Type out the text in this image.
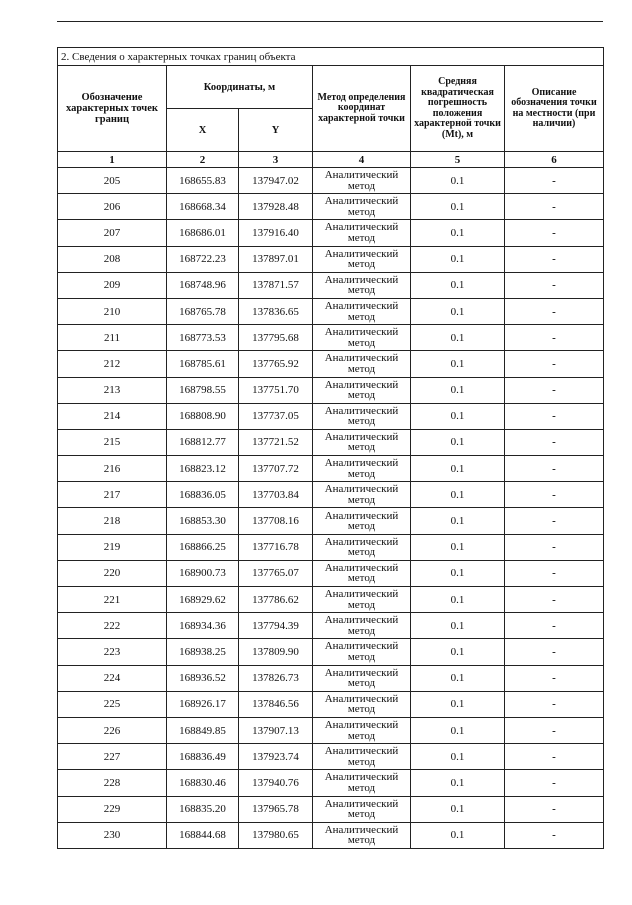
2. Сведения о характерных точках границ объекта					
Обозначение характерных точек границ	Координаты, м		Метод определения координат характерной точки	Средняя квадратическая погрешность положения характерной точки (Mt), м	Описание обозначения точки на местности (при наличии)
	X	Y			
1	2	3	4	5	6
205	168655.83	137947.02	Аналитический метод	0.1	-
206	168668.34	137928.48	Аналитический метод	0.1	-
207	168686.01	137916.40	Аналитический метод	0.1	-
208	168722.23	137897.01	Аналитический метод	0.1	-
209	168748.96	137871.57	Аналитический метод	0.1	-
210	168765.78	137836.65	Аналитический метод	0.1	-
211	168773.53	137795.68	Аналитический метод	0.1	-
212	168785.61	137765.92	Аналитический метод	0.1	-
213	168798.55	137751.70	Аналитический метод	0.1	-
214	168808.90	137737.05	Аналитический метод	0.1	-
215	168812.77	137721.52	Аналитический метод	0.1	-
216	168823.12	137707.72	Аналитический метод	0.1	-
217	168836.05	137703.84	Аналитический метод	0.1	-
218	168853.30	137708.16	Аналитический метод	0.1	-
219	168866.25	137716.78	Аналитический метод	0.1	-
220	168900.73	137765.07	Аналитический метод	0.1	-
221	168929.62	137786.62	Аналитический метод	0.1	-
222	168934.36	137794.39	Аналитический метод	0.1	-
223	168938.25	137809.90	Аналитический метод	0.1	-
224	168936.52	137826.73	Аналитический метод	0.1	-
225	168926.17	137846.56	Аналитический метод	0.1	-
226	168849.85	137907.13	Аналитический метод	0.1	-
227	168836.49	137923.74	Аналитический метод	0.1	-
228	168830.46	137940.76	Аналитический метод	0.1	-
229	168835.20	137965.78	Аналитический метод	0.1	-
230	168844.68	137980.65	Аналитический метод	0.1	-
